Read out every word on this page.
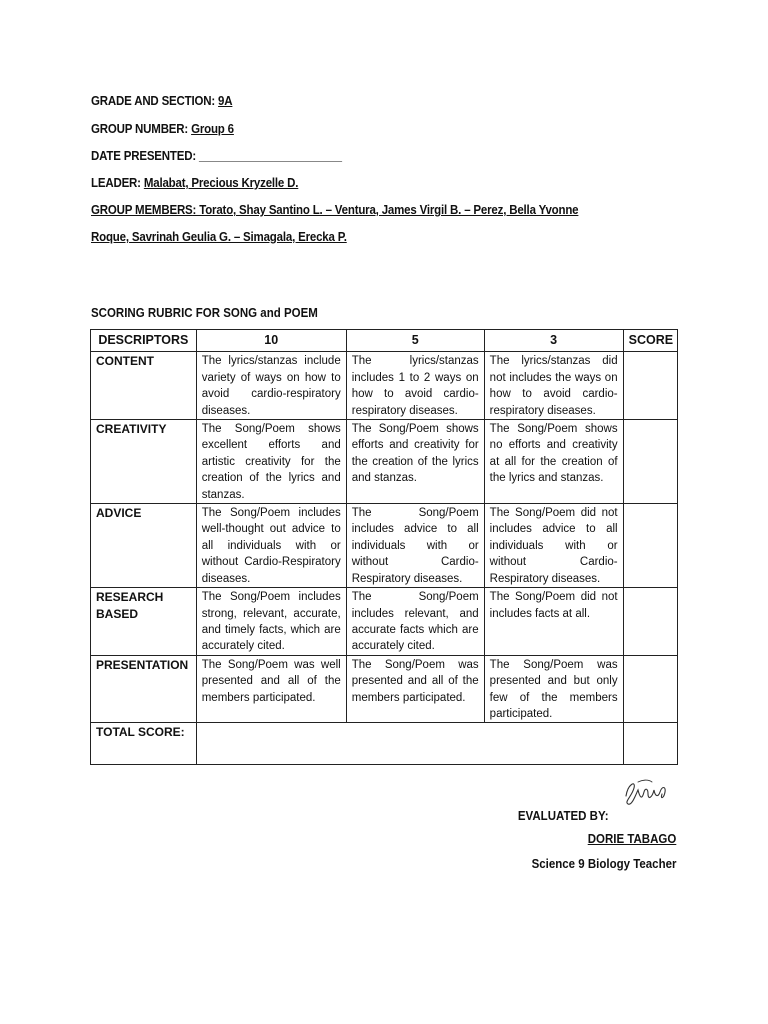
GRADE AND SECTION: 9A
GROUP NUMBER: Group 6
DATE PRESENTED: _______________________
LEADER: Malabat, Precious Kryzelle D.
GROUP MEMBERS: Torato, Shay Santino L. – Ventura, James Virgil B. – Perez, Bella Yvonne
Roque, Savrinah Geulia G. – Simagala, Erecka P.
SCORING RUBRIC FOR SONG and POEM
DESCRIPTORS	10	5	3	SCORE
CONTENT	The lyrics/stanzas include variety of ways on how to avoid cardio-respiratory diseases.	The lyrics/stanzas includes 1 to 2 ways on how to avoid cardio-respiratory diseases.	The lyrics/stanzas did not includes the ways on how to avoid cardio-respiratory diseases.	
CREATIVITY	The Song/Poem shows excellent efforts and artistic creativity for the creation of the lyrics and stanzas.	The Song/Poem shows efforts and creativity for the creation of the lyrics and stanzas.	The Song/Poem shows no efforts and creativity at all for the creation of the lyrics and stanzas.	
ADVICE	The Song/Poem includes well-thought out advice to all individuals with or without Cardio-Respiratory diseases.	The Song/Poem includes advice to all individuals with or without Cardio-Respiratory diseases.	The Song/Poem did not includes advice to all individuals with or without Cardio-Respiratory diseases.	
RESEARCH BASED	The Song/Poem includes strong, relevant, accurate, and timely facts, which are accurately cited.	The Song/Poem includes relevant, and accurate facts which are accurately cited.	The Song/Poem did not includes facts at all.	
PRESENTATION	The Song/Poem was well presented and all of the members participated.	The Song/Poem was presented and all of the members participated.	The Song/Poem was presented and but only few of the members participated.	
TOTAL SCORE:				
EVALUATED BY:
DORIE TABAGO
Science 9 Biology Teacher
